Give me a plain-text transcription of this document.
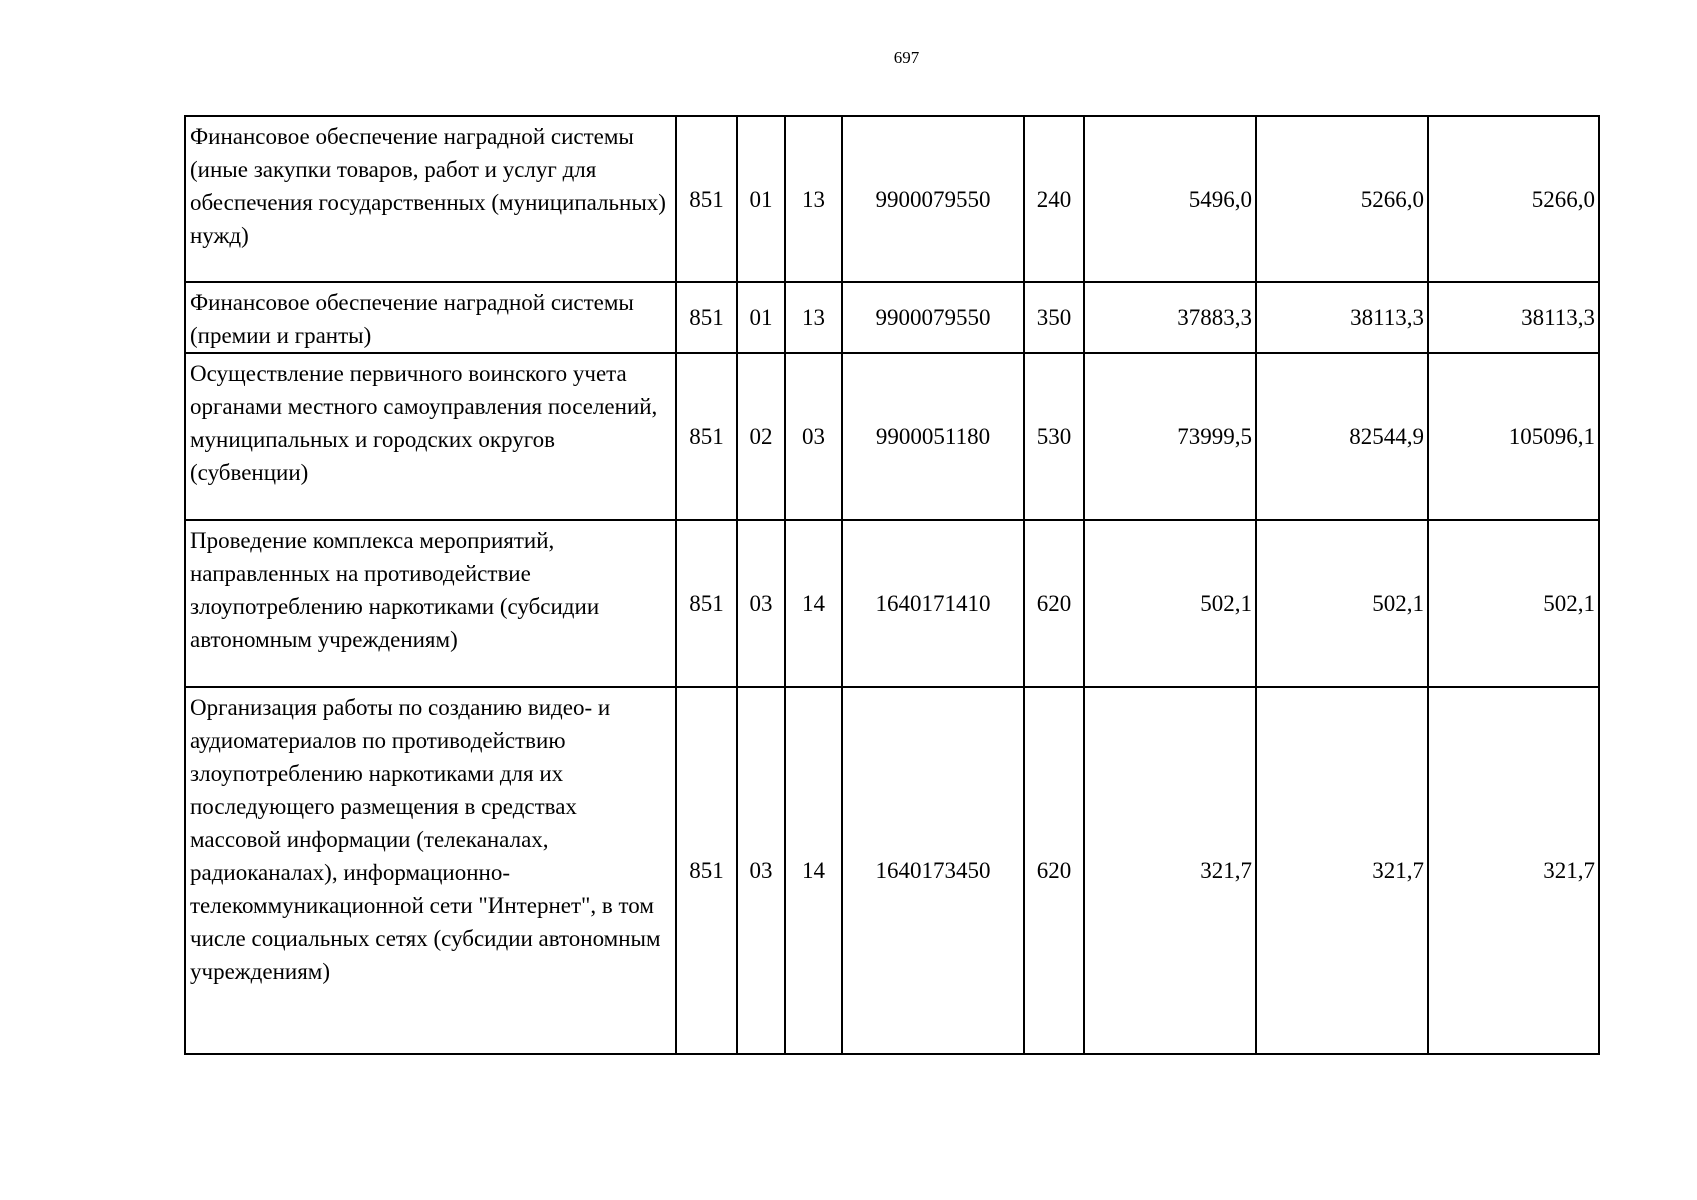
697
Финансовое обеспечение наградной системы (иные закупки товаров, работ и услуг для обеспечения государственных (муниципальных) нужд)	851	01	13	9900079550	240	5496,0	5266,0	5266,0
Финансовое обеспечение наградной системы (премии и гранты)	851	01	13	9900079550	350	37883,3	38113,3	38113,3
Осуществление первичного воинского учета органами местного самоуправления поселений, муниципальных и городских округов (субвенции)	851	02	03	9900051180	530	73999,5	82544,9	105096,1
Проведение комплекса мероприятий, направленных на противодействие злоупотреблению наркотиками (субсидии автономным учреждениям)	851	03	14	1640171410	620	502,1	502,1	502,1
Организация работы по созданию видео- и аудиоматериалов по противодействию злоупотреблению наркотиками для их последующего размещения в средствах массовой информации (телеканалах, радиоканалах), информационно-телекоммуникационной сети "Интернет", в том числе социальных сетях (субсидии автономным учреждениям)	851	03	14	1640173450	620	321,7	321,7	321,7
